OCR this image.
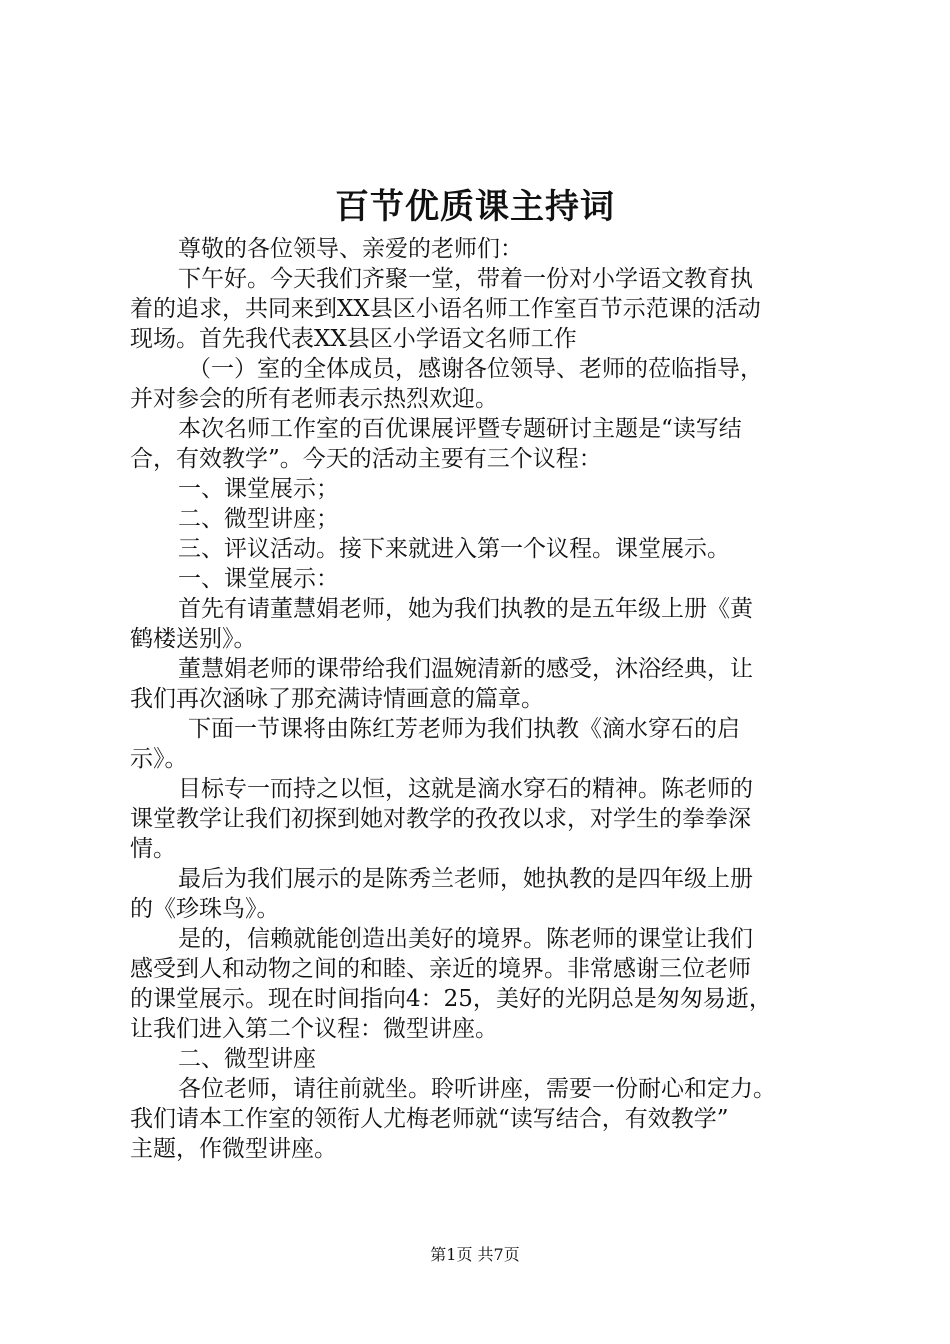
百节优质课主持词
尊敬的各位领导、亲爱的老师们：
下午好。今天我们齐聚一堂，带着一份对小学语文教育执
着的追求，共同来到XX县区小语名师工作室百节示范课的活动
现场。首先我代表XX县区小学语文名师工作
（一）室的全体成员，感谢各位领导、老师的莅临指导，
并对参会的所有老师表示热烈欢迎。
本次名师工作室的百优课展评暨专题研讨主题是“读写结
合，有效教学”。今天的活动主要有三个议程：
一、课堂展示；
二、微型讲座；
三、评议活动。接下来就进入第一个议程。课堂展示。
一、课堂展示：
首先有请董慧娟老师，她为我们执教的是五年级上册《黄
鹤楼送别》。
董慧娟老师的课带给我们温婉清新的感受，沐浴经典，让
我们再次涵咏了那充满诗情画意的篇章。
下面一节课将由陈红芳老师为我们执教《滴水穿石的启
示》。
目标专一而持之以恒，这就是滴水穿石的精神。陈老师的
课堂教学让我们初探到她对教学的孜孜以求，对学生的拳拳深
情。
最后为我们展示的是陈秀兰老师，她执教的是四年级上册
的《珍珠鸟》。
是的，信赖就能创造出美好的境界。陈老师的课堂让我们
感受到人和动物之间的和睦、亲近的境界。非常感谢三位老师
的课堂展示。现在时间指向4：25，美好的光阴总是匆匆易逝，
让我们进入第二个议程：微型讲座。
二、微型讲座
各位老师，请往前就坐。聆听讲座，需要一份耐心和定力。
我们请本工作室的领衔人尤梅老师就“读写结合，有效教学”
主题，作微型讲座。
第1页 共7页
